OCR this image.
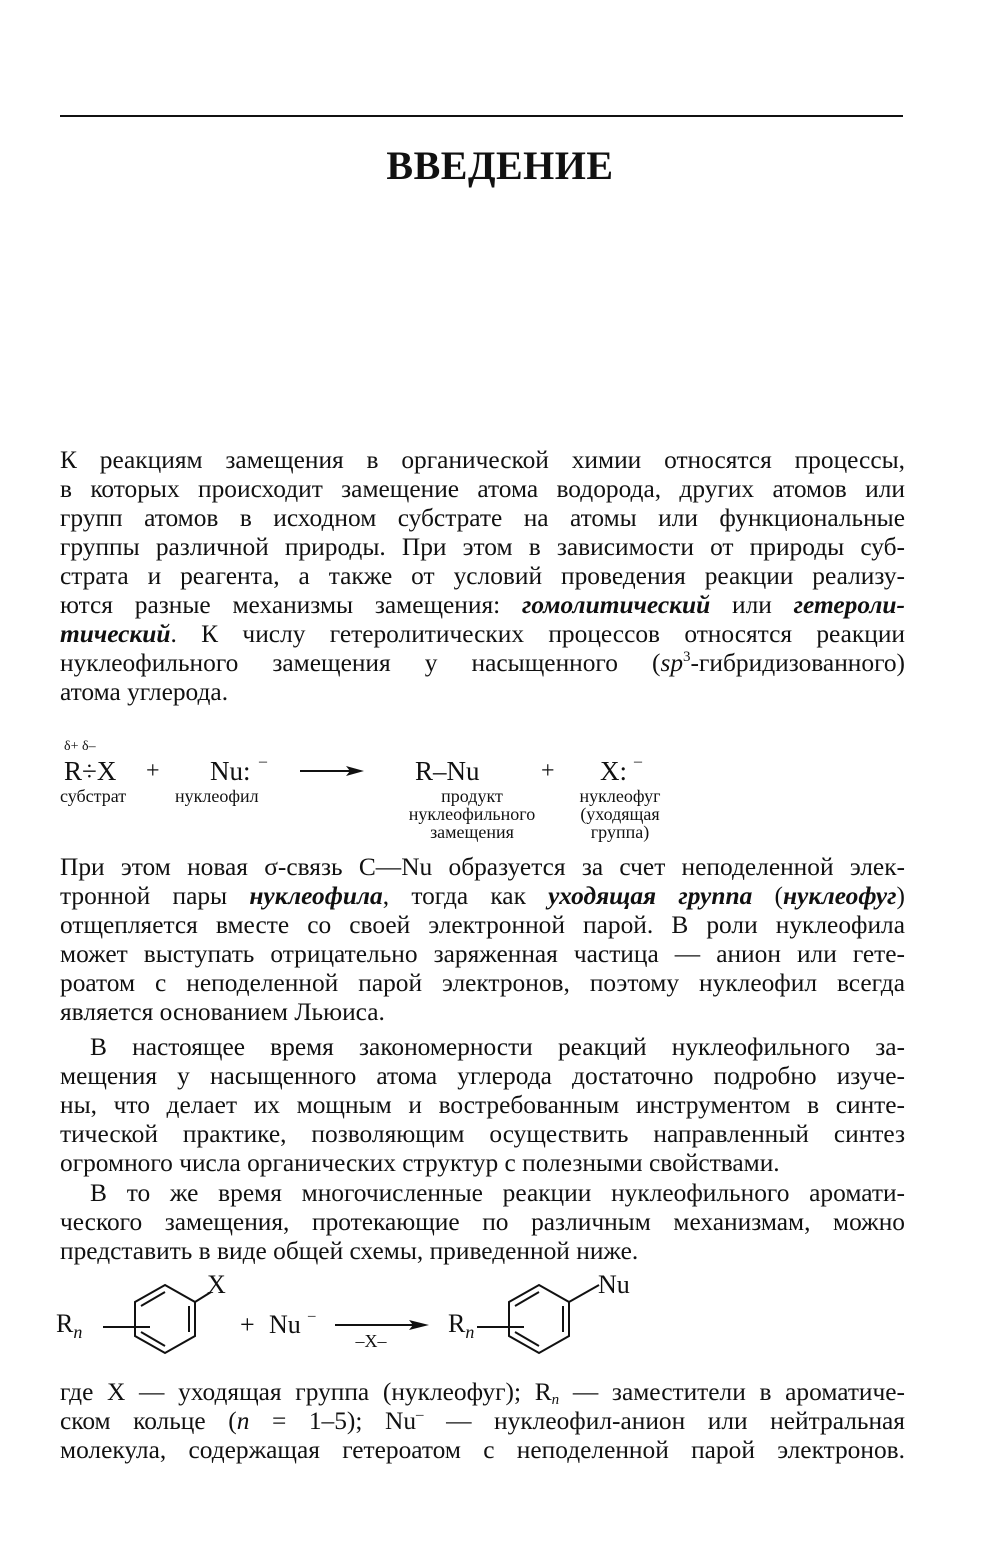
ВВЕДЕНИЕ
К реакциям замещения в органической химии относятся процессы,
в которых происходит замещение атома водорода, других атомов или
групп атомов в исходном субстрате на атомы или функциональные
группы различной природы. При этом в зависимости от природы суб-
страта и реагента, а также от условий проведения реакции реализу-
ются разные механизмы замещения: гомолитический или гетероли-
тический. К числу гетеролитических процессов относятся реакции
нуклеофильного замещения у насыщенного $(sp^3-гибридизованного)$
атома углерода.
δ+ δ–
R÷X + Nu: –	R–Nu	+ X: –
субстрат	нуклеофил	продукт
нуклеофильного
замещения
нуклеофуг
(уходящая
группа)
При этом новая σ-связь С—Nu образуется за счет неподеленной элек-
тронной пары нуклеофила, тогда как уходящая группа (нуклеофуг)
отщепляется вместе со своей электронной парой. В роли нуклеофила
может выступать отрицательно заряженная частица — анион или гете-
роатом с неподеленной парой электронов, поэтому нуклеофил всегда
является основанием Льюиса.
В настоящее время закономерности реакций нуклеофильного за-
мещения у насыщенного атома углерода достаточно подробно изуче-
ны, что делает их мощным и востребованным инструментом в синте-
тической практике, позволяющим осуществить направленный синтез
огромного числа органических структур с полезными свойствами.
В то же время многочисленные реакции нуклеофильного аромати-
ческого замещения, протекающие по различным механизмам, можно
представить в виде общей схемы, приведенной ниже.
$R_n$
X
+ Nu –
–X–
$R_n$
Nu
где X — уходящая группа (нуклеофуг); $R_n$ — заместители в ароматиче-
ском кольце (n = 1–5); Nu– — нуклеофил-анион или нейтральная
молекула, содержащая гетероатом с неподеленной парой электронов.
